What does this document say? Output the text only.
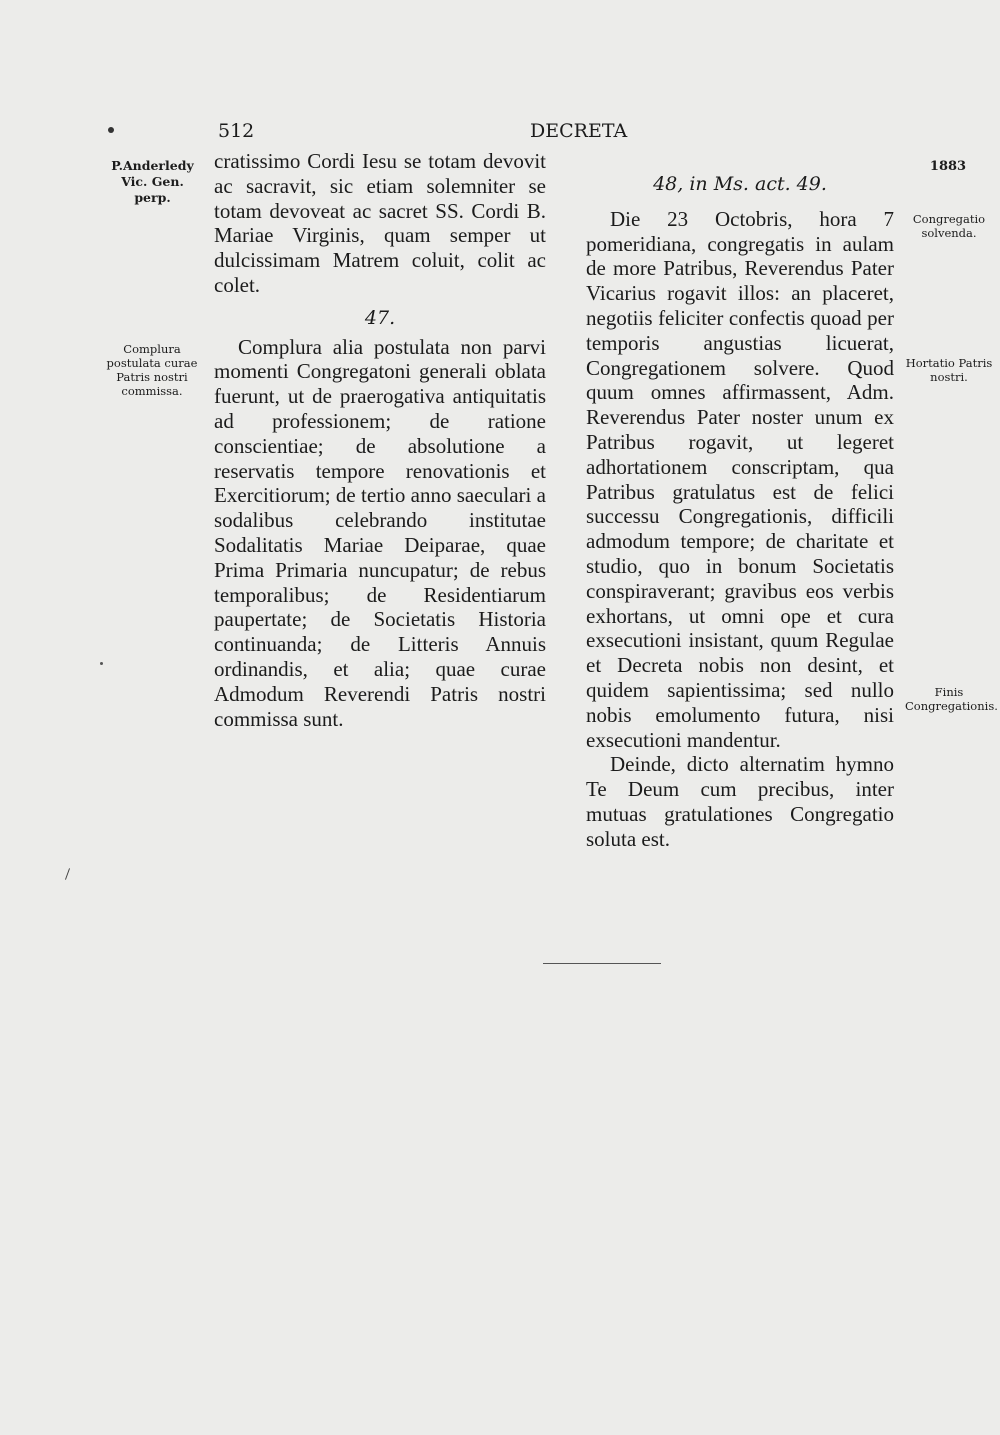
512	DECRETA
P.Anderledy Vic. Gen. perp.
Complura postulata curae Patris nostri commissa.
1883
Congregatio solvenda.
Hortatio Patris nostri.
Finis Congregationis.

cratissimo Cordi Iesu se totam devovit ac sacravit, sic etiam solemniter se totam devoveat ac sacret SS. Cordi B. Mariae Virginis, quam semper ut dulcissimam Matrem coluit, colit ac colet.

47.

Complura alia postulata non parvi momenti Congregatoni generali oblata fuerunt, ut de praerogativa antiquitatis ad professionem; de ratione conscientiae; de absolutione a reservatis tempore renovationis et Exercitiorum; de tertio anno saeculari a sodalibus celebrando institutae Sodalitatis Mariae Deiparae, quae Prima Primaria nuncupatur; de rebus temporalibus; de Residentiarum paupertate; de Societatis Historia continuanda; de Litteris Annuis ordinandis, et alia; quae curae Admodum Reverendi Patris nostri commissa sunt.

48, in Ms. act. 49.

Die 23 Octobris, hora 7 pomeridiana, congregatis in aulam de more Patribus, Reverendus Pater Vicarius rogavit illos: an placeret, negotiis feliciter confectis quoad per temporis angustias licuerat, Congregationem solvere. Quod quum omnes affirmassent, Adm. Reverendus Pater noster unum ex Patribus rogavit, ut legeret adhortationem conscriptam, qua Patribus gratulatus est de felici successu Congregationis, difficili admodum tempore; de charitate et studio, quo in bonum Societatis conspiraverant; gravibus eos verbis exhortans, ut omni ope et cura exsecutioni insistant, quum Regulae et Decreta nobis non desint, et quidem sapientissima; sed nullo nobis emolumento futura, nisi exsecutioni mandentur.

Deinde, dicto alternatim hymno Te Deum cum precibus, inter mutuas gratulationes Congregatio soluta est.
